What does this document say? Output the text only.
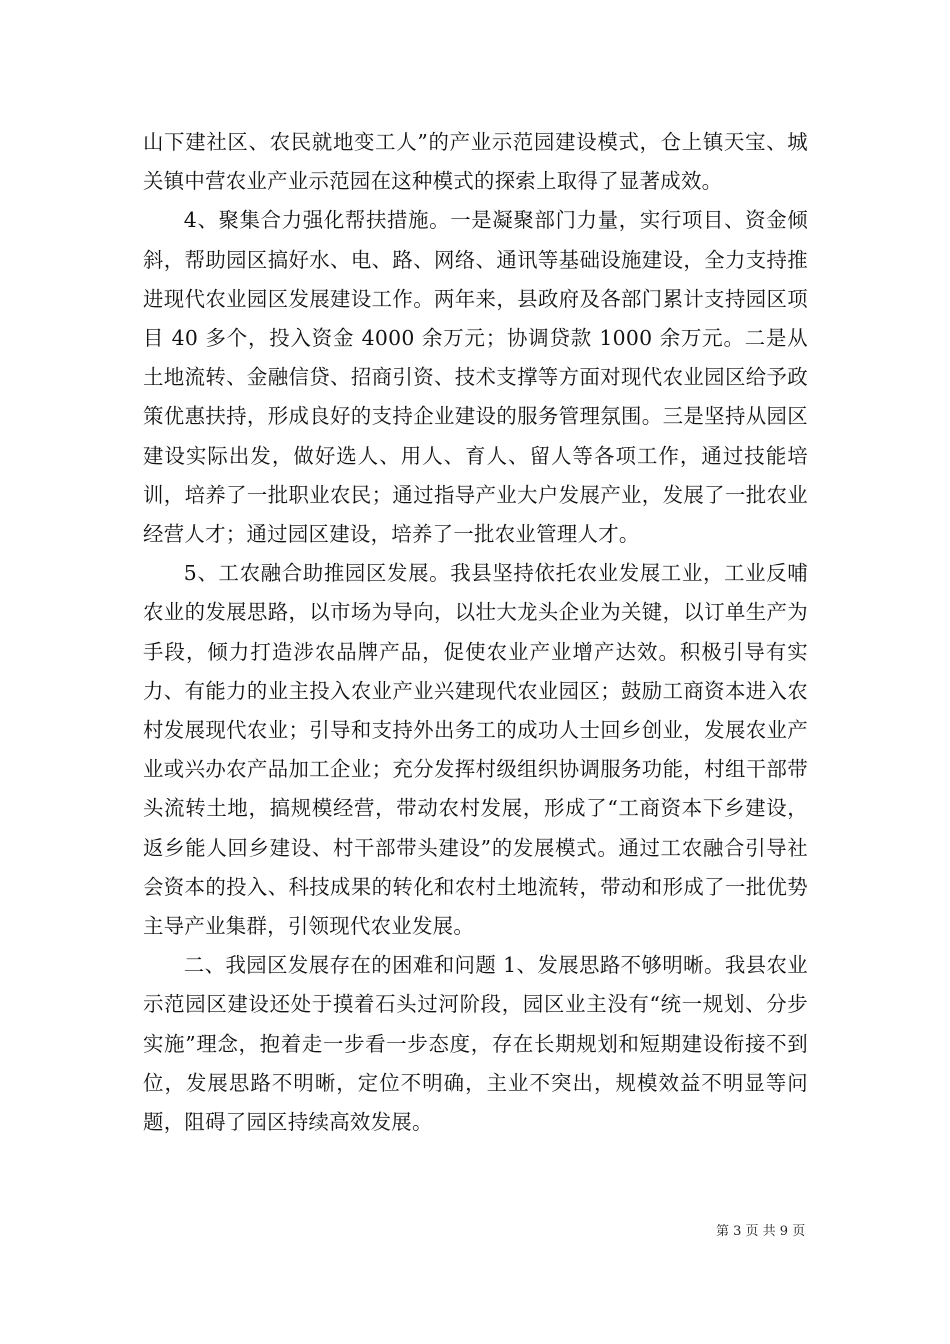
山下建社区、农民就地变工人”的产业示范园建设模式，仓上镇天宝、城关镇中营农业产业示范园在这种模式的探索上取得了显著成效。

4、聚集合力强化帮扶措施。一是凝聚部门力量，实行项目、资金倾斜，帮助园区搞好水、电、路、网络、通讯等基础设施建设，全力支持推进现代农业园区发展建设工作。两年来，县政府及各部门累计支持园区项目 40 多个，投入资金 4000 余万元；协调贷款 1000 余万元。二是从土地流转、金融信贷、招商引资、技术支撑等方面对现代农业园区给予政策优惠扶持，形成良好的支持企业建设的服务管理氛围。三是坚持从园区建设实际出发，做好选人、用人、育人、留人等各项工作，通过技能培训，培养了一批职业农民；通过指导产业大户发展产业，发展了一批农业经营人才；通过园区建设，培养了一批农业管理人才。

5、工农融合助推园区发展。我县坚持依托农业发展工业，工业反哺农业的发展思路，以市场为导向，以壮大龙头企业为关键，以订单生产为手段，倾力打造涉农品牌产品，促使农业产业增产达效。积极引导有实力、有能力的业主投入农业产业兴建现代农业园区；鼓励工商资本进入农村发展现代农业；引导和支持外出务工的成功人士回乡创业，发展农业产业或兴办农产品加工企业；充分发挥村级组织协调服务功能，村组干部带头流转土地，搞规模经营，带动农村发展，形成了“工商资本下乡建设，返乡能人回乡建设、村干部带头建设”的发展模式。通过工农融合引导社会资本的投入、科技成果的转化和农村土地流转，带动和形成了一批优势主导产业集群，引领现代农业发展。

二、我园区发展存在的困难和问题 1、发展思路不够明晰。我县农业示范园区建设还处于摸着石头过河阶段，园区业主没有“统一规划、分步实施”理念，抱着走一步看一步态度，存在长期规划和短期建设衔接不到位，发展思路不明晰，定位不明确，主业不突出，规模效益不明显等问题，阻碍了园区持续高效发展。

第 3 页 共 9 页
